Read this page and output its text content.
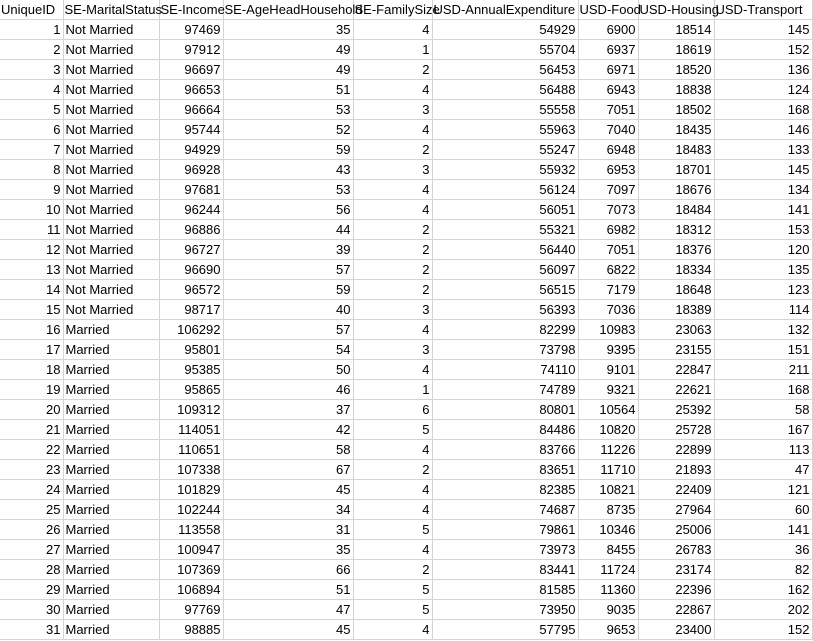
UniqueID	SE-MaritalStatus	SE-Income	SE-AgeHeadHousehold	SE-FamilySize	USD-AnnualExpenditure	USD-Food	USD-Housing	USD-Transport
1	Not Married	97469	35	4	54929	6900	18514	145
2	Not Married	97912	49	1	55704	6937	18619	152
3	Not Married	96697	49	2	56453	6971	18520	136
4	Not Married	96653	51	4	56488	6943	18838	124
5	Not Married	96664	53	3	55558	7051	18502	168
6	Not Married	95744	52	4	55963	7040	18435	146
7	Not Married	94929	59	2	55247	6948	18483	133
8	Not Married	96928	43	3	55932	6953	18701	145
9	Not Married	97681	53	4	56124	7097	18676	134
10	Not Married	96244	56	4	56051	7073	18484	141
11	Not Married	96886	44	2	55321	6982	18312	153
12	Not Married	96727	39	2	56440	7051	18376	120
13	Not Married	96690	57	2	56097	6822	18334	135
14	Not Married	96572	59	2	56515	7179	18648	123
15	Not Married	98717	40	3	56393	7036	18389	114
16	Married	106292	57	4	82299	10983	23063	132
17	Married	95801	54	3	73798	9395	23155	151
18	Married	95385	50	4	74110	9101	22847	211
19	Married	95865	46	1	74789	9321	22621	168
20	Married	109312	37	6	80801	10564	25392	58
21	Married	114051	42	5	84486	10820	25728	167
22	Married	110651	58	4	83766	11226	22899	113
23	Married	107338	67	2	83651	11710	21893	47
24	Married	101829	45	4	82385	10821	22409	121
25	Married	102244	34	4	74687	8735	27964	60
26	Married	113558	31	5	79861	10346	25006	141
27	Married	100947	35	4	73973	8455	26783	36
28	Married	107369	66	2	83441	11724	23174	82
29	Married	106894	51	5	81585	11360	22396	162
30	Married	97769	47	5	73950	9035	22867	202
31	Married	98885	45	4	57795	9653	23400	152
